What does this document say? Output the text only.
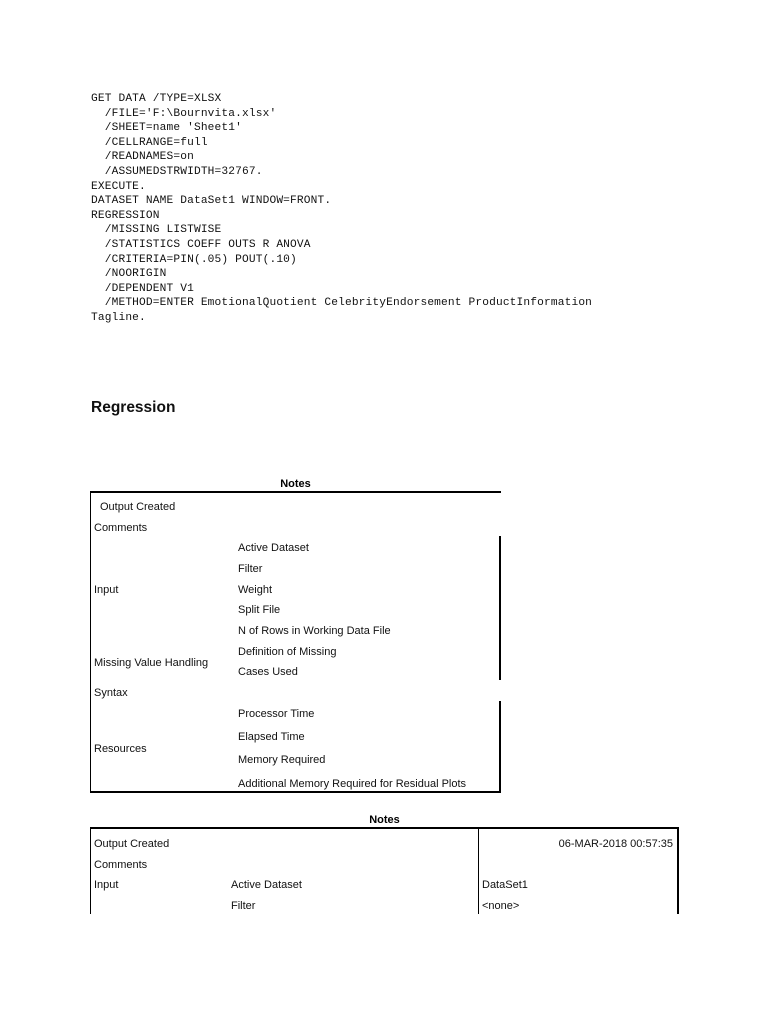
GET DATA /TYPE=XLSX
/FILE='F:\Bournvita.xlsx'
/SHEET=name 'Sheet1'
/CELLRANGE=full
/READNAMES=on
/ASSUMEDSTRWIDTH=32767.
EXECUTE.
DATASET NAME DataSet1 WINDOW=FRONT.
REGRESSION
/MISSING LISTWISE
/STATISTICS COEFF OUTS R ANOVA
/CRITERIA=PIN(.05) POUT(.10)
/NOORIGIN
/DEPENDENT V1
/METHOD=ENTER EmotionalQuotient CelebrityEndorsement ProductInformation
Tagline.
Regression
Notes
Output Created
Comments
Input
Missing Value Handling
Syntax
Resources
Active Dataset
Filter
Weight
Split File
N of Rows in Working Data File
Definition of Missing
Cases Used
Processor Time
Elapsed Time
Memory Required
Additional Memory Required for Residual Plots
Notes
Output Created
Comments
Input	Active Dataset
Filter
06-MAR-2018 00:57:35
DataSet1
<none>
